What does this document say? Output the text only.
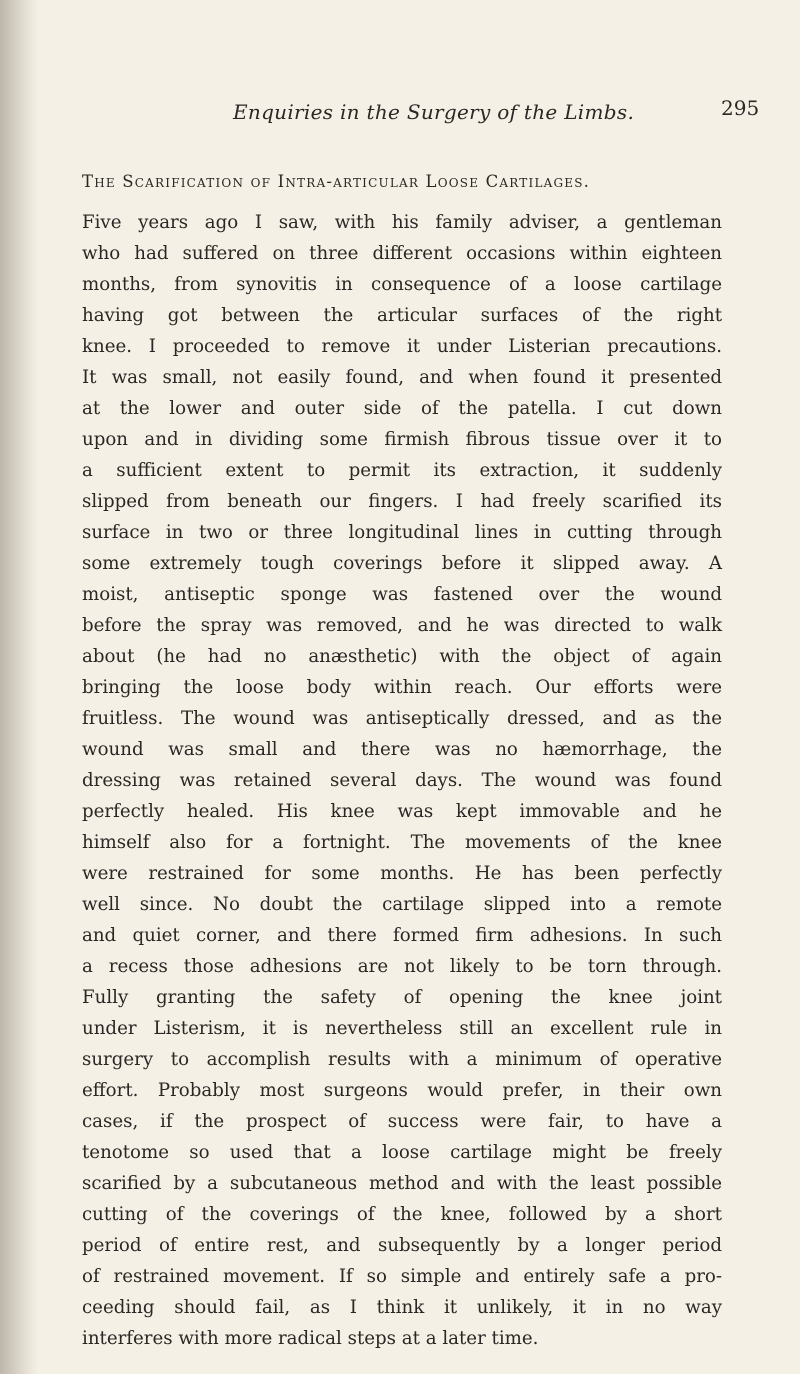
Enquiries in the Surgery of the Limbs.	295
The Scarification of Intra-articular Loose Cartilages.
Five years ago I saw, with his family adviser, a gentleman
who had suffered on three different occasions within eighteen
months, from synovitis in consequence of a loose cartilage
having got between the articular surfaces of the right
knee. I proceeded to remove it under Listerian precautions.
It was small, not easily found, and when found it presented
at the lower and outer side of the patella. I cut down
upon and in dividing some firmish fibrous tissue over it to
a sufficient extent to permit its extraction, it suddenly
slipped from beneath our fingers. I had freely scarified its
surface in two or three longitudinal lines in cutting through
some extremely tough coverings before it slipped away. A
moist, antiseptic sponge was fastened over the wound
before the spray was removed, and he was directed to walk
about (he had no anæsthetic) with the object of again
bringing the loose body within reach. Our efforts were
fruitless. The wound was antiseptically dressed, and as the
wound was small and there was no hæmorrhage, the
dressing was retained several days. The wound was found
perfectly healed. His knee was kept immovable and he
himself also for a fortnight. The movements of the knee
were restrained for some months. He has been perfectly
well since. No doubt the cartilage slipped into a remote
and quiet corner, and there formed firm adhesions. In such
a recess those adhesions are not likely to be torn through.
Fully granting the safety of opening the knee joint
under Listerism, it is nevertheless still an excellent rule in
surgery to accomplish results with a minimum of operative
effort. Probably most surgeons would prefer, in their own
cases, if the prospect of success were fair, to have a
tenotome so used that a loose cartilage might be freely
scarified by a subcutaneous method and with the least possible
cutting of the coverings of the knee, followed by a short
period of entire rest, and subsequently by a longer period
of restrained movement. If so simple and entirely safe a pro-
ceeding should fail, as I think it unlikely, it in no way
interferes with more radical steps at a later time.
